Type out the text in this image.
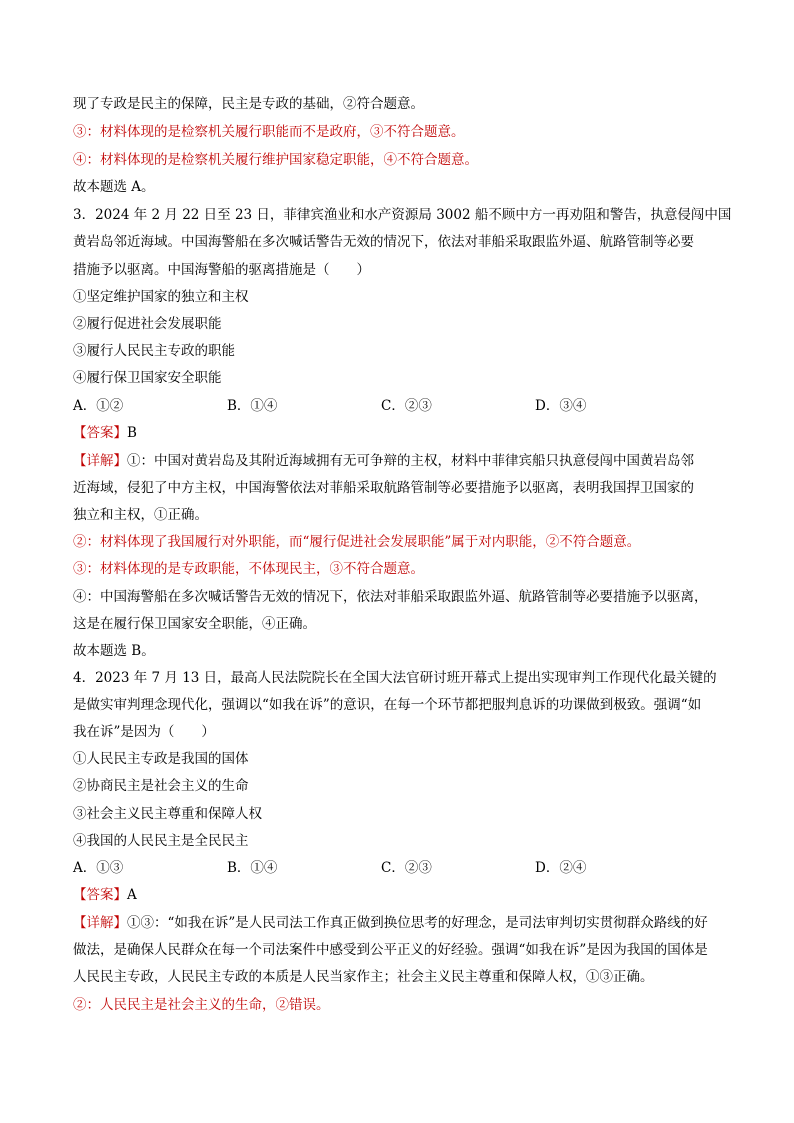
现了专政是民主的保障，民主是专政的基础，②符合题意。

③：材料体现的是检察机关履行职能而不是政府，③不符合题意。

④：材料体现的是检察机关履行维护国家稳定职能，④不符合题意。

故本题选 A。

3．2024 年 2 月 22 日至 23 日，菲律宾渔业和水产资源局 3002 船不顾中方一再劝阻和警告，执意侵闯中国

黄岩岛邻近海域。中国海警船在多次喊话警告无效的情况下，依法对菲船采取跟监外逼、航路管制等必要

措施予以驱离。中国海警船的驱离措施是（　　）

①坚定维护国家的独立和主权

②履行促进社会发展职能

③履行人民民主专政的职能

④履行保卫国家安全职能

A．①②	B．①④	C．②③	D．③④

【答案】B

【详解】①：中国对黄岩岛及其附近海域拥有无可争辩的主权，材料中菲律宾船只执意侵闯中国黄岩岛邻

近海域，侵犯了中方主权，中国海警依法对菲船采取航路管制等必要措施予以驱离，表明我国捍卫国家的

独立和主权，①正确。

②：材料体现了我国履行对外职能，而“履行促进社会发展职能”属于对内职能，②不符合题意。

③：材料体现的是专政职能，不体现民主，③不符合题意。

④：中国海警船在多次喊话警告无效的情况下，依法对菲船采取跟监外逼、航路管制等必要措施予以驱离，

这是在履行保卫国家安全职能，④正确。

故本题选 B。

4．2023 年 7 月 13 日，最高人民法院院长在全国大法官研讨班开幕式上提出实现审判工作现代化最关键的

是做实审判理念现代化，强调以“如我在诉”的意识，在每一个环节都把服判息诉的功课做到极致。强调“如

我在诉”是因为（　　）

①人民民主专政是我国的国体

②协商民主是社会主义的生命

③社会主义民主尊重和保障人权

④我国的人民民主是全民民主

A．①③	B．①④	C．②③	D．②④

【答案】A

【详解】①③：“如我在诉”是人民司法工作真正做到换位思考的好理念，是司法审判切实贯彻群众路线的好

做法，是确保人民群众在每一个司法案件中感受到公平正义的好经验。强调“如我在诉”是因为我国的国体是

人民民主专政，人民民主专政的本质是人民当家作主；社会主义民主尊重和保障人权，①③正确。

②：人民民主是社会主义的生命，②错误。
